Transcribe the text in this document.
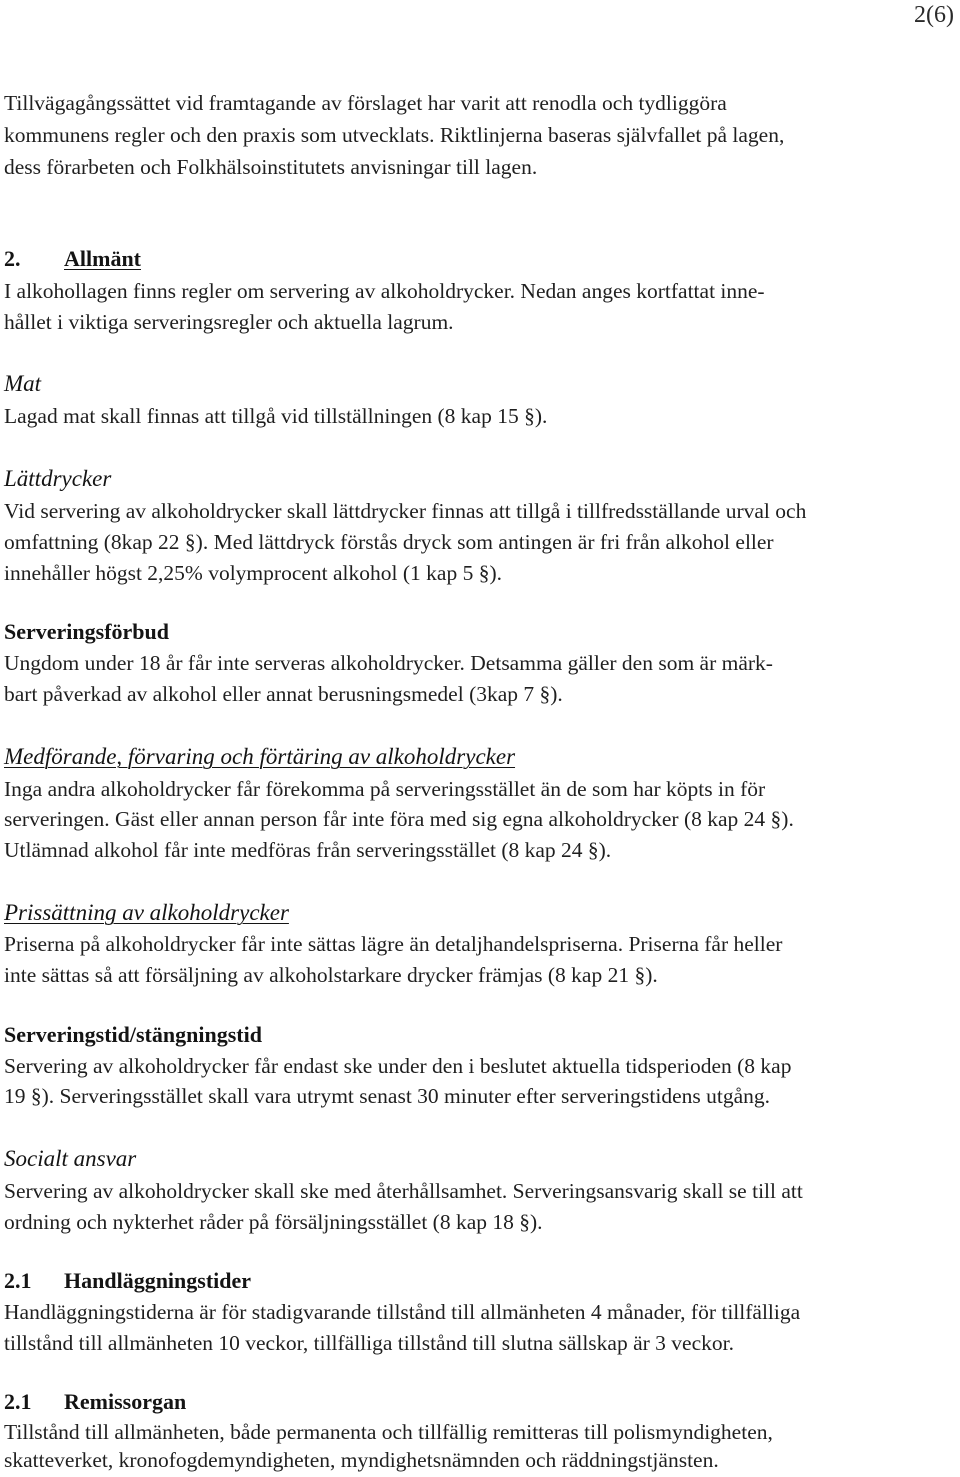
2(6)
Tillvägagångssättet vid framtagande av förslaget har varit att renodla och tydliggöra
kommunens regler och den praxis som utvecklats. Riktlinjerna baseras självfallet på lagen,
dess förarbeten och Folkhälsoinstitutets anvisningar till lagen.
2. Allmänt
I alkohollagen finns regler om servering av alkoholdrycker. Nedan anges kortfattat inne-
hållet i viktiga serveringsregler och aktuella lagrum.
Mat
Lagad mat skall finnas att tillgå vid tillställningen (8 kap 15 §).
Lättdrycker
Vid servering av alkoholdrycker skall lättdrycker finnas att tillgå i tillfredsställande urval och
omfattning (8kap 22 §). Med lättdryck förstås dryck som antingen är fri från alkohol eller
innehåller högst 2,25% volymprocent alkohol (1 kap 5 §).
Serveringsförbud
Ungdom under 18 år får inte serveras alkoholdrycker. Detsamma gäller den som är märk-
bart påverkad av alkohol eller annat berusningsmedel (3kap 7 §).
Medförande, förvaring och förtäring av alkoholdrycker
Inga andra alkoholdrycker får förekomma på serveringsstället än de som har köpts in för
serveringen. Gäst eller annan person får inte föra med sig egna alkoholdrycker (8 kap 24 §).
Utlämnad alkohol får inte medföras från serveringsstället (8 kap 24 §).
Prissättning av alkoholdrycker
Priserna på alkoholdrycker får inte sättas lägre än detaljhandelspriserna. Priserna får heller
inte sättas så att försäljning av alkoholstarkare drycker främjas (8 kap 21 §).
Serveringstid/stängningstid
Servering av alkoholdrycker får endast ske under den i beslutet aktuella tidsperioden (8 kap
19 §). Serveringsstället skall vara utrymt senast 30 minuter efter serveringstidens utgång.
Socialt ansvar
Servering av alkoholdrycker skall ske med återhållsamhet. Serveringsansvarig skall se till att
ordning och nykterhet råder på försäljningsstället (8 kap 18 §).
2.1 Handläggningstider
Handläggningstiderna är för stadigvarande tillstånd till allmänheten 4 månader, för tillfälliga
tillstånd till allmänheten 10 veckor, tillfälliga tillstånd till slutna sällskap är 3 veckor.
2.1 Remissorgan
Tillstånd till allmänheten, både permanenta och tillfällig remitteras till polismyndigheten,
skatteverket, kronofogdemyndigheten, myndighetsnämnden och räddningstjänsten.
